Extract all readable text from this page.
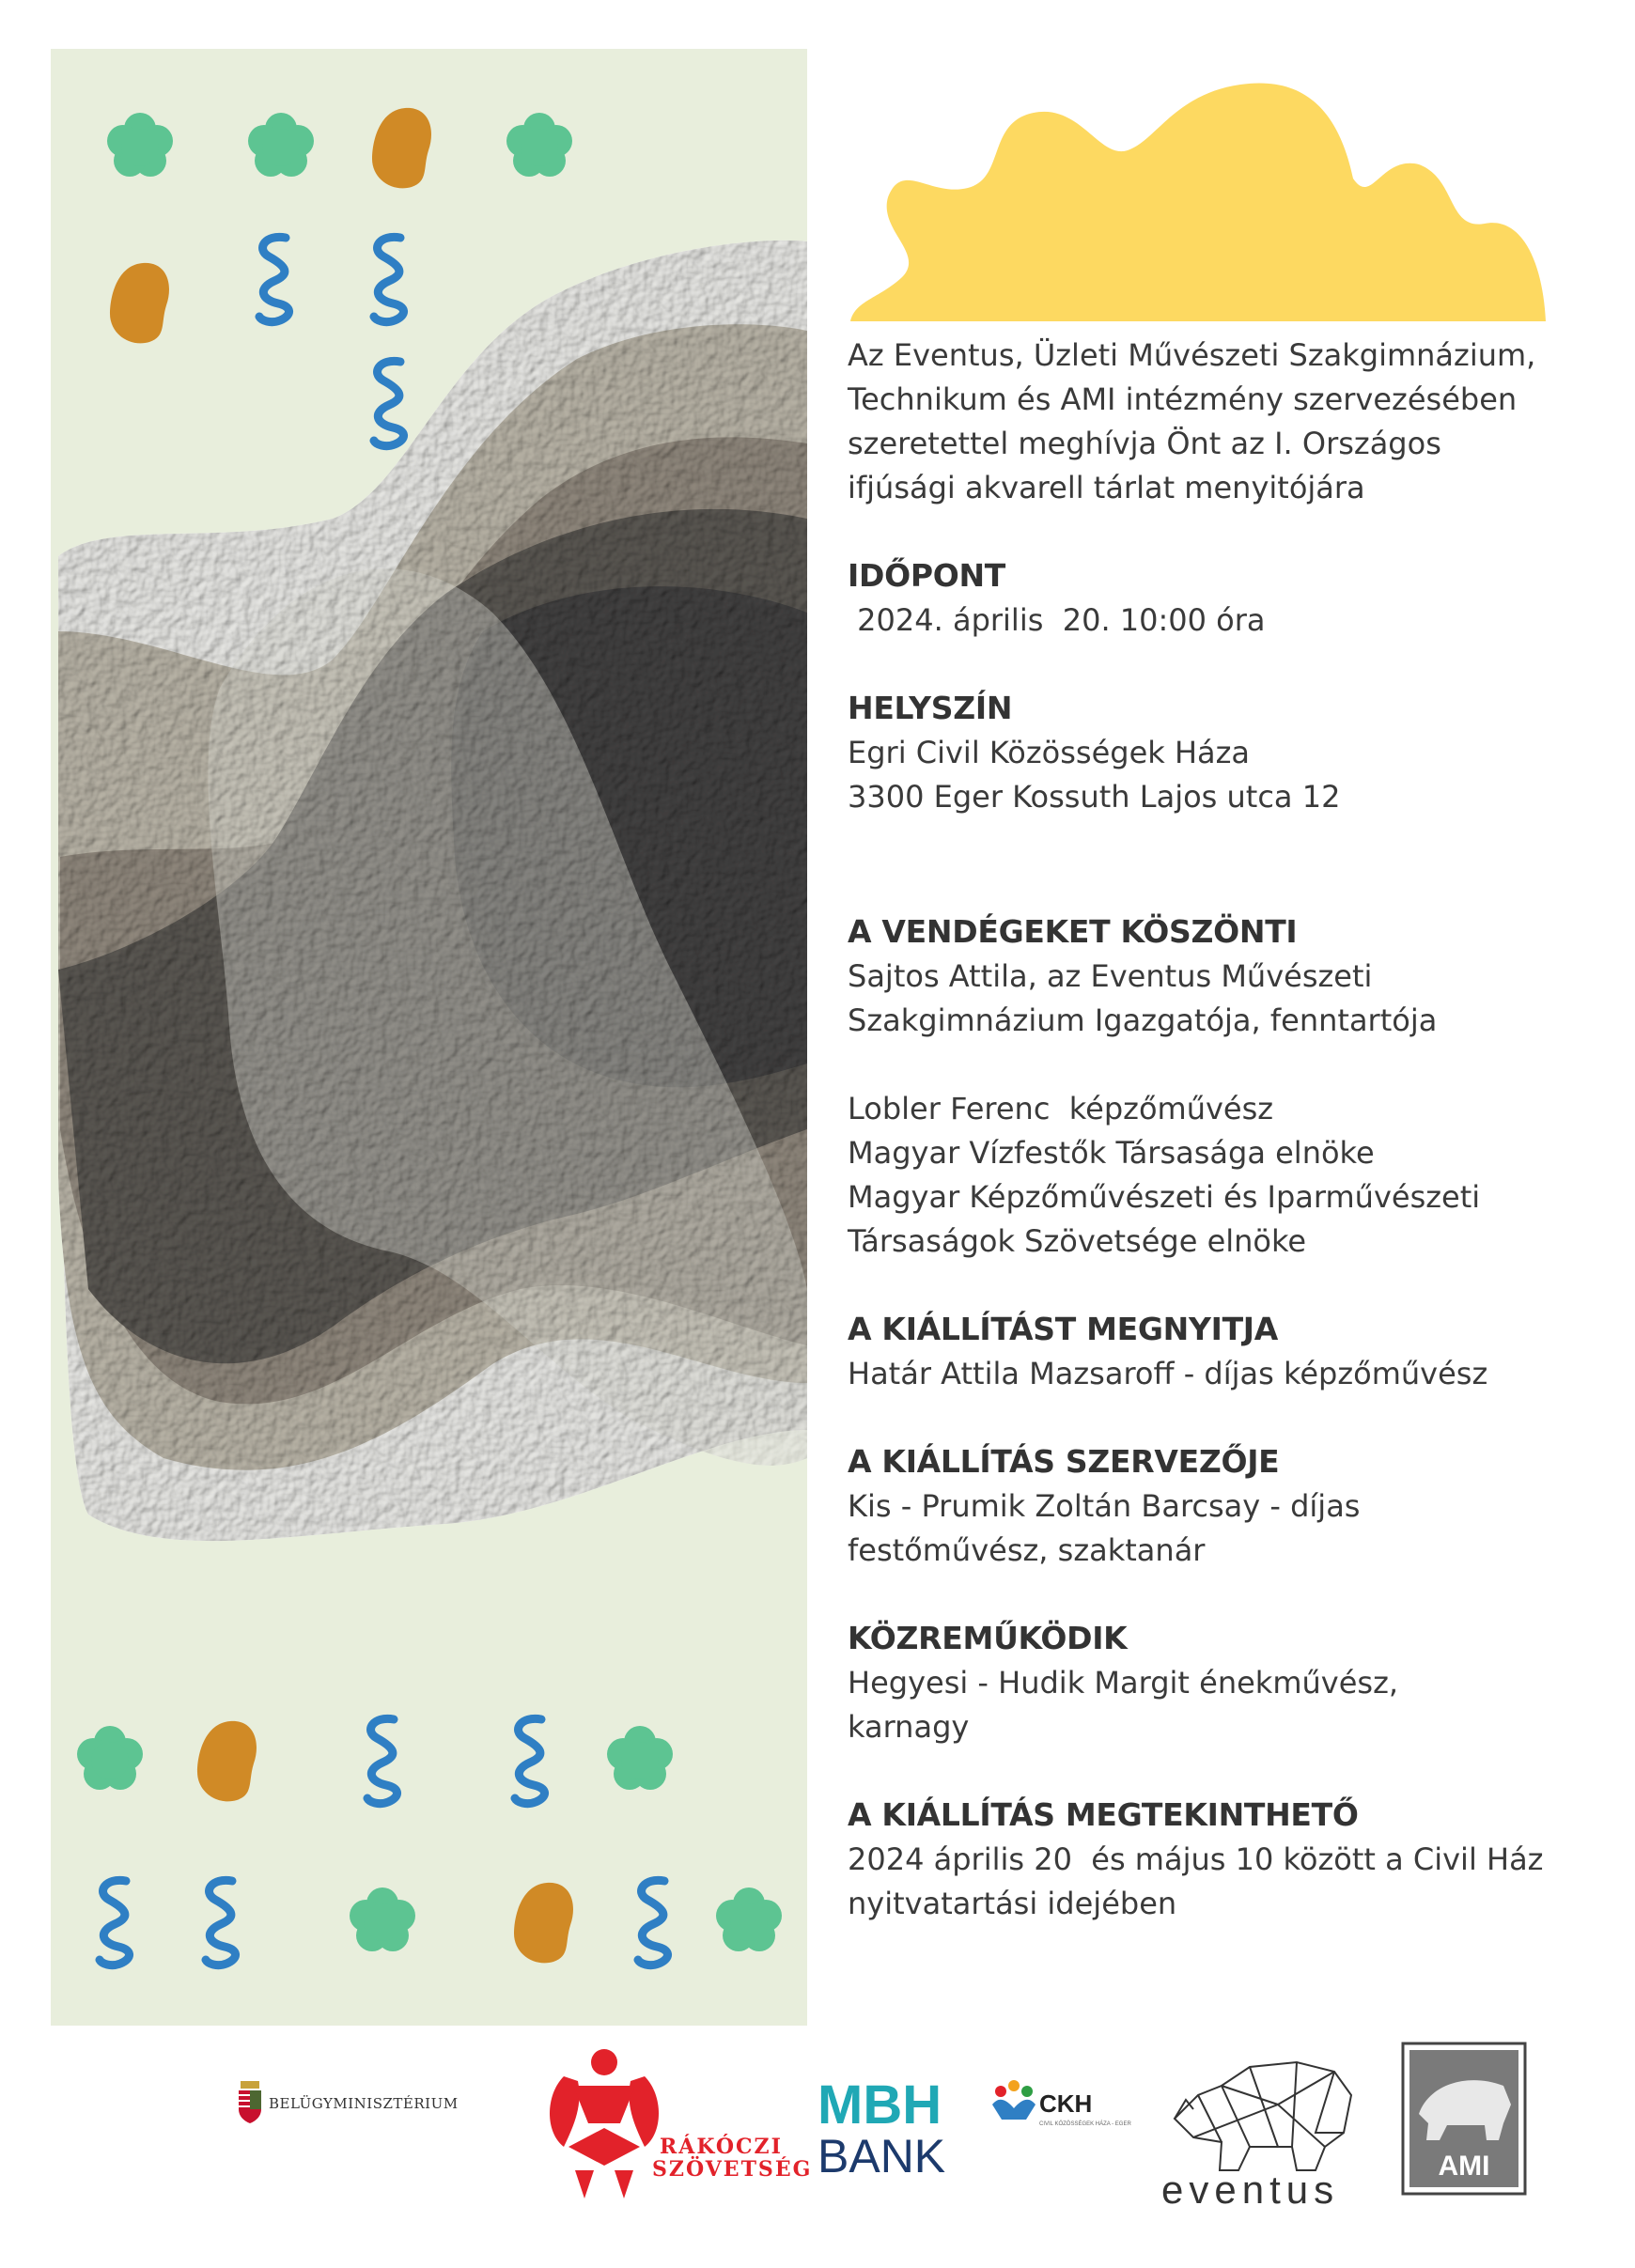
Az Eventus, Üzleti Művészeti Szakgimnázium,

Technikum és AMI intézmény szervezésében

szeretettel meghívja Önt az I. Országos

ifjúsági akvarell tárlat menyitójára

IDŐPONT

2024. április  20. 10:00 óra

HELYSZÍN

Egri Civil Közösségek Háza

3300 Eger Kossuth Lajos utca 12

A VENDÉGEKET KÖSZÖNTI

Sajtos Attila, az Eventus Művészeti

Szakgimnázium Igazgatója, fenntartója

Lobler Ferenc  képzőművész

Magyar Vízfestők Társasága elnöke

Magyar Képzőművészeti és Iparművészeti

Társaságok Szövetsége elnöke

A KIÁLLÍTÁST MEGNYITJA

Határ Attila Mazsaroff - díjas képzőművész

A KIÁLLÍTÁS SZERVEZŐJE

Kis - Prumik Zoltán Barcsay - díjas

festőművész, szaktanár

KÖZREMŰKÖDIK

Hegyesi - Hudik Margit énekművész,

karnagy

A KIÁLLÍTÁS MEGTEKINTHETŐ

2024 április 20  és május 10 között a Civil Ház

nyitvatartási idejében

BELÜGYMINISZTÉRIUM
RÁKÓCZI
SZÖVETSÉG
MBH
BANK
CKH
CIVIL KÖZÖSSÉGEK HÁZA - EGER
eventus
AMI
